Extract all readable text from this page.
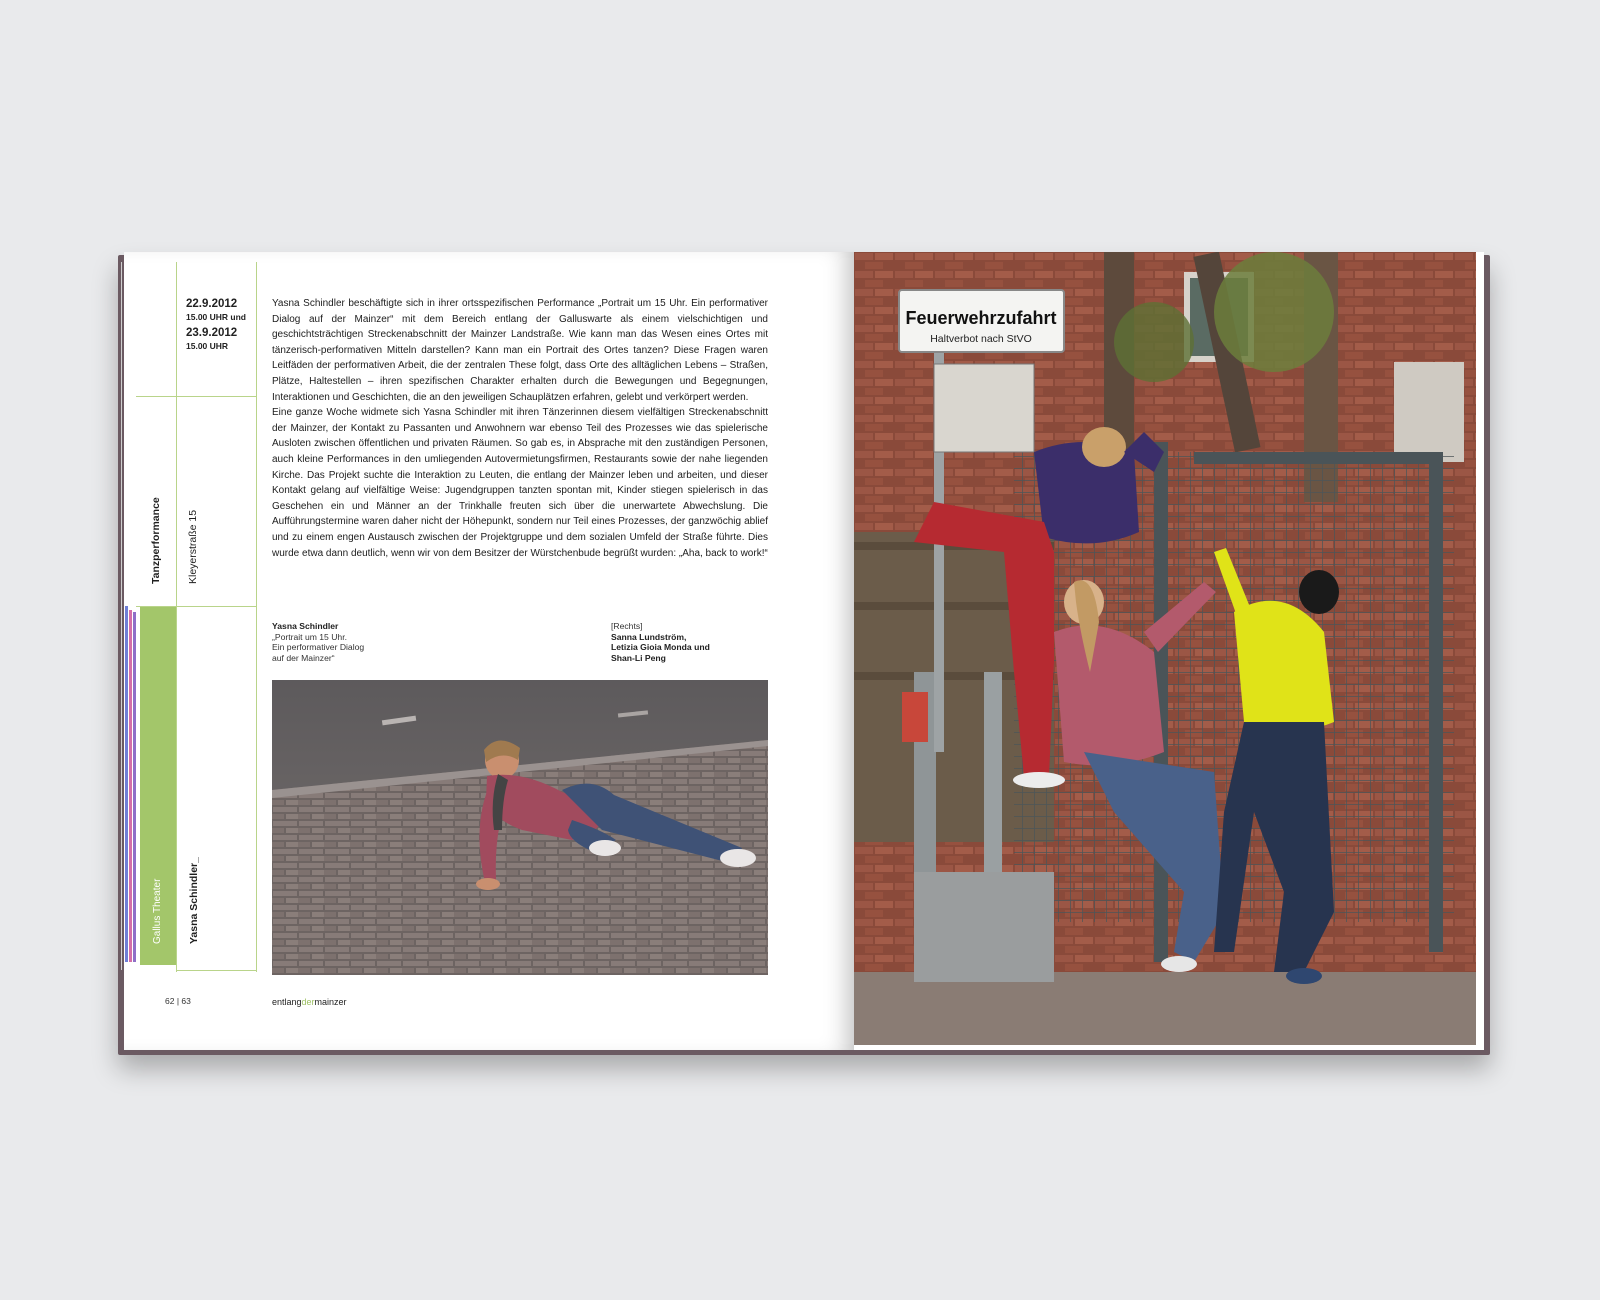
22.9.2012
15.00 UHR und
23.9.2012
15.00 UHR
Tanzperformance Kleyerstraße 15
Gallus Theater Yasna Schindler_

Yasna Schindler beschäftigte sich in ihrer ortsspezifischen Performance „Portrait um 15 Uhr. Ein performativer Dialog auf der Mainzer“ mit dem Bereich entlang der Galluswarte als einem vielschichtigen und geschichtsträchtigen Streckenabschnitt der Mainzer Landstraße. Wie kann man das Wesen eines Ortes mit tänzerisch-performativen Mitteln darstellen? Kann man ein Portrait des Ortes tanzen? Diese Fragen waren Leitfäden der performativen Arbeit, die der zentralen These folgt, dass Orte des alltäglichen Lebens – Straßen, Plätze, Haltestellen – ihren spezifischen Charakter erhalten durch die Bewegungen und Begegnungen, Interaktionen und Geschichten, die an den jeweiligen Schauplätzen erfahren, gelebt und verkörpert werden.

Eine ganze Woche widmete sich Yasna Schindler mit ihren Tänzerinnen diesem vielfältigen Streckenabschnitt der Mainzer, der Kontakt zu Passanten und Anwohnern war ebenso Teil des Prozesses wie das spielerische Ausloten zwischen öffentlichen und privaten Räumen. So gab es, in Absprache mit den zuständigen Personen, auch kleine Performances in den umliegenden Autovermietungsfirmen, Restaurants sowie der nahe liegenden Kirche. Das Projekt suchte die Interaktion zu Leuten, die entlang der Mainzer leben und arbeiten, und dieser Kontakt gelang auf vielfältige Weise: Jugendgruppen tanzten spontan mit, Kinder stiegen spielerisch in das Geschehen ein und Männer an der Trinkhalle freuten sich über die unerwartete Abwechslung. Die Aufführungstermine waren daher nicht der Höhepunkt, sondern nur Teil eines Prozesses, der ganzwöchig ablief und zu einem engen Austausch zwischen der Projektgruppe und dem sozialen Umfeld der Straße führte. Dies wurde etwa dann deutlich, wenn wir von dem Besitzer der Würstchenbude begrüßt wurden: „Aha, back to work!“

Yasna Schindler
„Portrait um 15 Uhr.
Ein performativer Dialog
auf der Mainzer“
[Rechts]
Sanna Lundström,
Letizia Gioia Monda und
Shan-Li Peng
Feuerwehrzufahrt
Haltverbot nach StVO
62 | 63	entlangdermainzer
